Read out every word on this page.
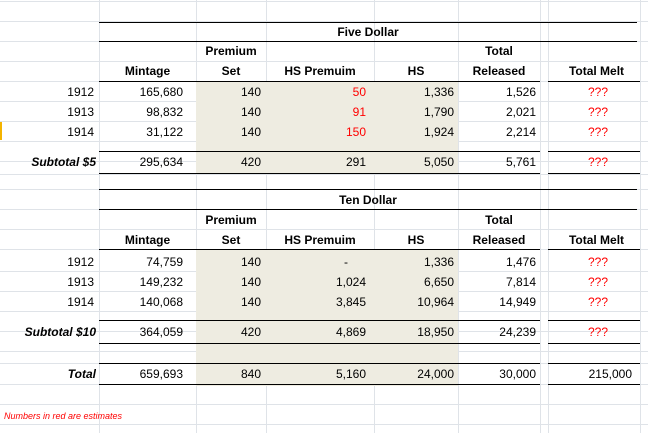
Five Dollar
Premium	Total
Mintage	Set	HS Premuim	HS	Released	Total Melt
1912	165,680	140	50	1,336	1,526	???
1913	98,832	140	91	1,790	2,021	???
1914	31,122	140	150	1,924	2,214	???
Subtotal $5	295,634	420	291	5,050	5,761	???
Ten Dollar
Premium	Total
Mintage	Set	HS Premuim	HS	Released	Total Melt
1912	74,759	140	-	1,336	1,476	???
1913	149,232	140	1,024	6,650	7,814	???
1914	140,068	140	3,845	10,964	14,949	???
Subtotal $10	364,059	420	4,869	18,950	24,239	???
Total	659,693	840	5,160	24,000	30,000	215,000
Numbers in red are estimates
